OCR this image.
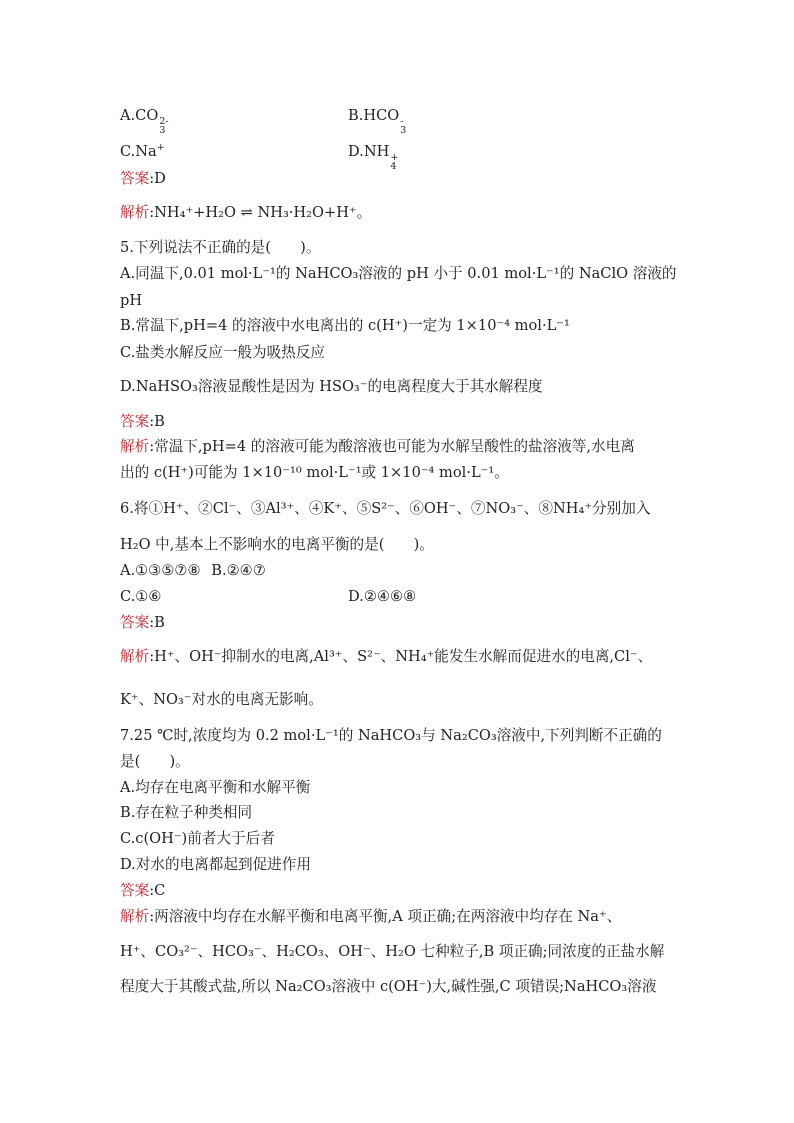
A.CO 2-
3
B.HCO -
3
C.Na+	D.NH +
4
答案:D
解析:NH₄⁺+H₂O ⇌ NH₃·H₂O+H⁺。
5.下列说法不正确的是(　　)。
A.同温下,0.01 mol·L⁻¹的 NaHCO₃溶液的 pH 小于 0.01 mol·L⁻¹的 NaClO 溶液的
pH
B.常温下,pH=4 的溶液中水电离出的 c(H⁺)一定为 1×10⁻⁴ mol·L⁻¹
C.盐类水解反应一般为吸热反应
D.NaHSO₃溶液显酸性是因为 HSO₃⁻的电离程度大于其水解程度
答案:B
解析:常温下,pH=4 的溶液可能为酸溶液也可能为水解呈酸性的盐溶液等,水电离
出的 c(H⁺)可能为 1×10⁻¹⁰ mol·L⁻¹或 1×10⁻⁴ mol·L⁻¹。
6.将①H⁺、②Cl⁻、③Al³⁺、④K⁺、⑤S²⁻、⑥OH⁻、⑦NO₃⁻、⑧NH₄⁺分别加入
H₂O 中,基本上不影响水的电离平衡的是(　　)。
A.①③⑤⑦⑧ B.②④⑦
C.①⑥	D.②④⑥⑧
答案:B
解析:H⁺、OH⁻抑制水的电离,Al³⁺、S²⁻、NH₄⁺能发生水解而促进水的电离,Cl⁻、
K⁺、NO₃⁻对水的电离无影响。
7.25 ℃时,浓度均为 0.2 mol·L⁻¹的 NaHCO₃与 Na₂CO₃溶液中,下列判断不正确的
是(　　)。
A.均存在电离平衡和水解平衡
B.存在粒子种类相同
C.c(OH⁻)前者大于后者
D.对水的电离都起到促进作用
答案:C
解析:两溶液中均存在水解平衡和电离平衡,A 项正确;在两溶液中均存在 Na⁺、
H⁺、CO₃²⁻、HCO₃⁻、H₂CO₃、OH⁻、H₂O 七种粒子,B 项正确;同浓度的正盐水解
程度大于其酸式盐,所以 Na₂CO₃溶液中 c(OH⁻)大,碱性强,C 项错误;NaHCO₃溶液
